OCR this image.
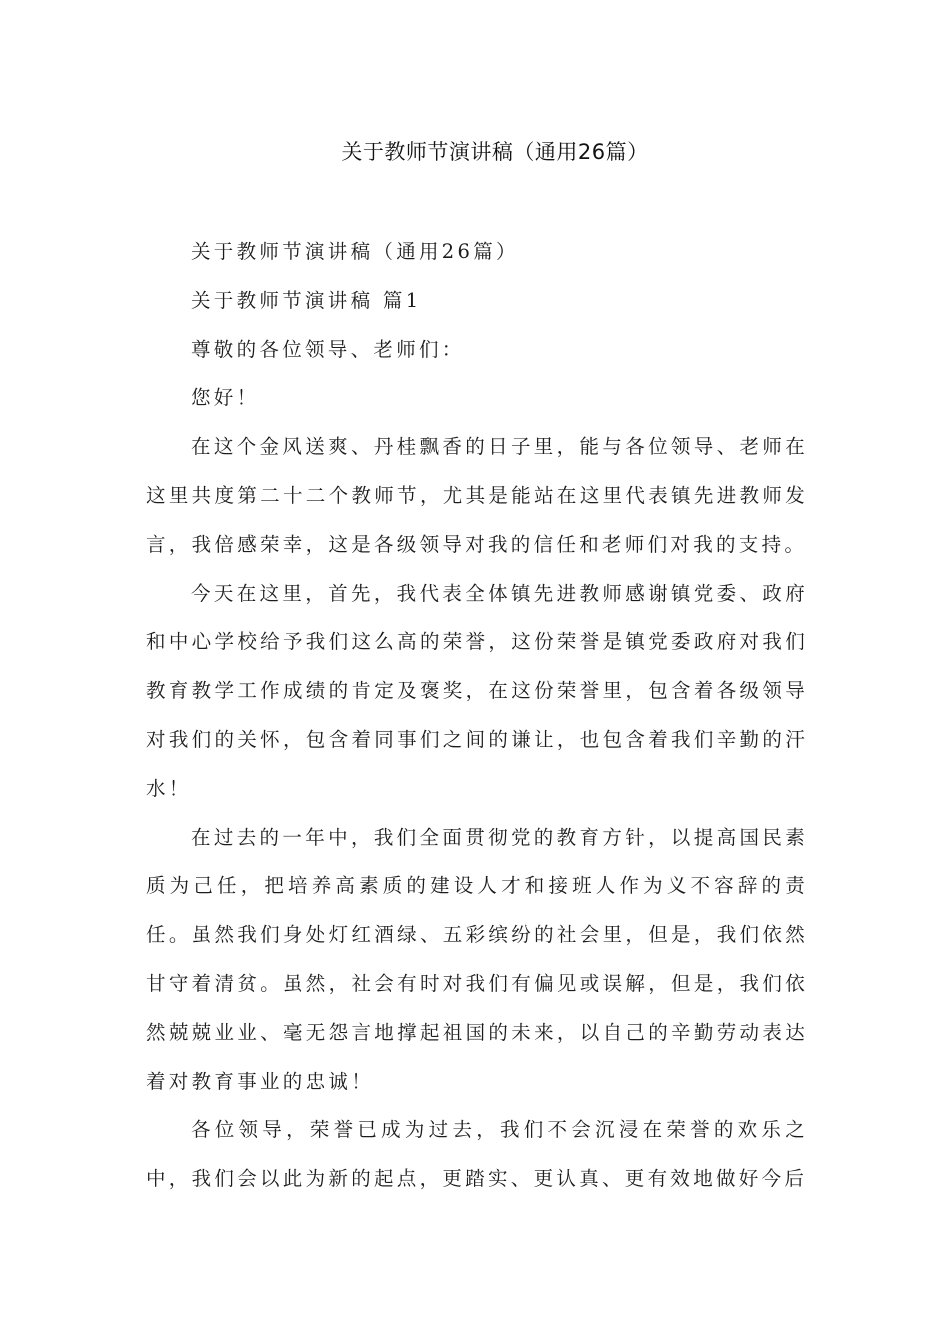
关于教师节演讲稿（通用26篇）

关于教师节演讲稿（通用26篇）

关于教师节演讲稿 篇1

尊敬的各位领导、老师们：

您好！

在这个金风送爽、丹桂飘香的日子里，能与各位领导、老师在这里共度第二十二个教师节，尤其是能站在这里代表镇先进教师发言，我倍感荣幸，这是各级领导对我的信任和老师们对我的支持。

今天在这里，首先，我代表全体镇先进教师感谢镇党委、政府和中心学校给予我们这么高的荣誉，这份荣誉是镇党委政府对我们教育教学工作成绩的肯定及褒奖，在这份荣誉里，包含着各级领导对我们的关怀，包含着同事们之间的谦让，也包含着我们辛勤的汗水！

在过去的一年中，我们全面贯彻党的教育方针，以提高国民素质为己任，把培养高素质的建设人才和接班人作为义不容辞的责任。虽然我们身处灯红酒绿、五彩缤纷的社会里，但是，我们依然甘守着清贫。虽然，社会有时对我们有偏见或误解，但是，我们依然兢兢业业、毫无怨言地撑起祖国的未来，以自己的辛勤劳动表达着对教育事业的忠诚！

各位领导，荣誉已成为过去，我们不会沉浸在荣誉的欢乐之中，我们会以此为新的起点，更踏实、更认真、更有效地做好今后
